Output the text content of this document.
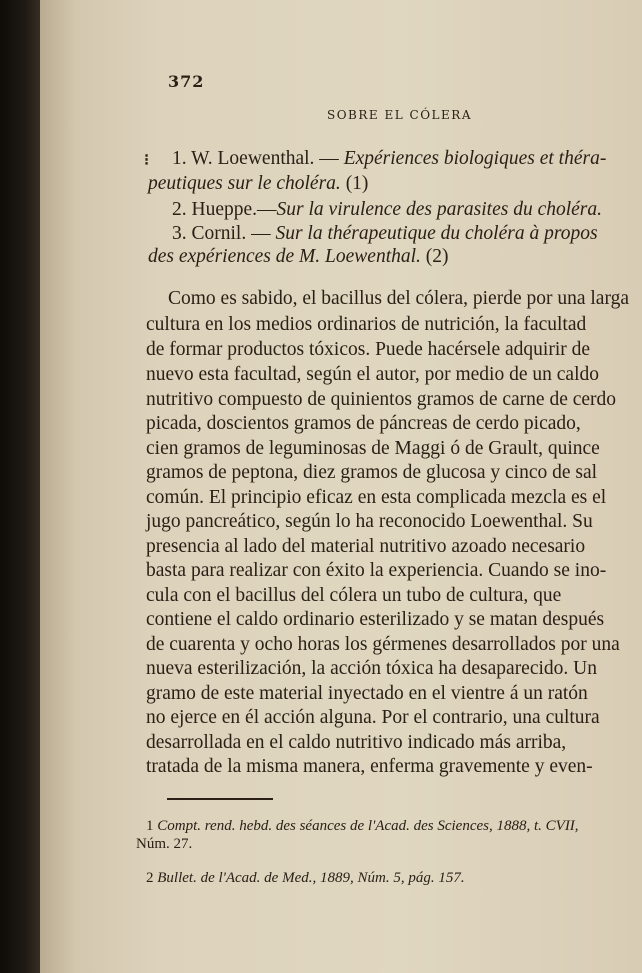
372
SOBRE EL CÓLERA
⁝ 1. W. Loewenthal. — Expériences biologiques et théra-
peutiques sur le choléra. (1)
2. Hueppe.—Sur la virulence des parasites du choléra.
3. Cornil. — Sur la thérapeutique du choléra à propos
des expériences de M. Loewenthal. (2)
Como es sabido, el bacillus del cólera, pierde por una larga
cultura en los medios ordinarios de nutrición, la facultad
de formar productos tóxicos. Puede hacérsele adquirir de
nuevo esta facultad, según el autor, por medio de un caldo
nutritivo compuesto de quinientos gramos de carne de cerdo
picada, doscientos gramos de páncreas de cerdo picado,
cien gramos de leguminosas de Maggi ó de Grault, quince
gramos de peptona, diez gramos de glucosa y cinco de sal
común. El principio eficaz en esta complicada mezcla es el
jugo pancreático, según lo ha reconocido Loewenthal. Su
presencia al lado del material nutritivo azoado necesario
basta para realizar con éxito la experiencia. Cuando se ino-
cula con el bacillus del cólera un tubo de cultura, que
contiene el caldo ordinario esterilizado y se matan después
de cuarenta y ocho horas los gérmenes desarrollados por una
nueva esterilización, la acción tóxica ha desaparecido. Un
gramo de este material inyectado en el vientre á un ratón
no ejerce en él acción alguna. Por el contrario, una cultura
desarrollada en el caldo nutritivo indicado más arriba,
tratada de la misma manera, enferma gravemente y even-
1 Compt. rend. hebd. des séances de l'Acad. des Sciences, 1888, t. CVII,
Núm. 27.
2 Bullet. de l'Acad. de Med., 1889, Núm. 5, pág. 157.
